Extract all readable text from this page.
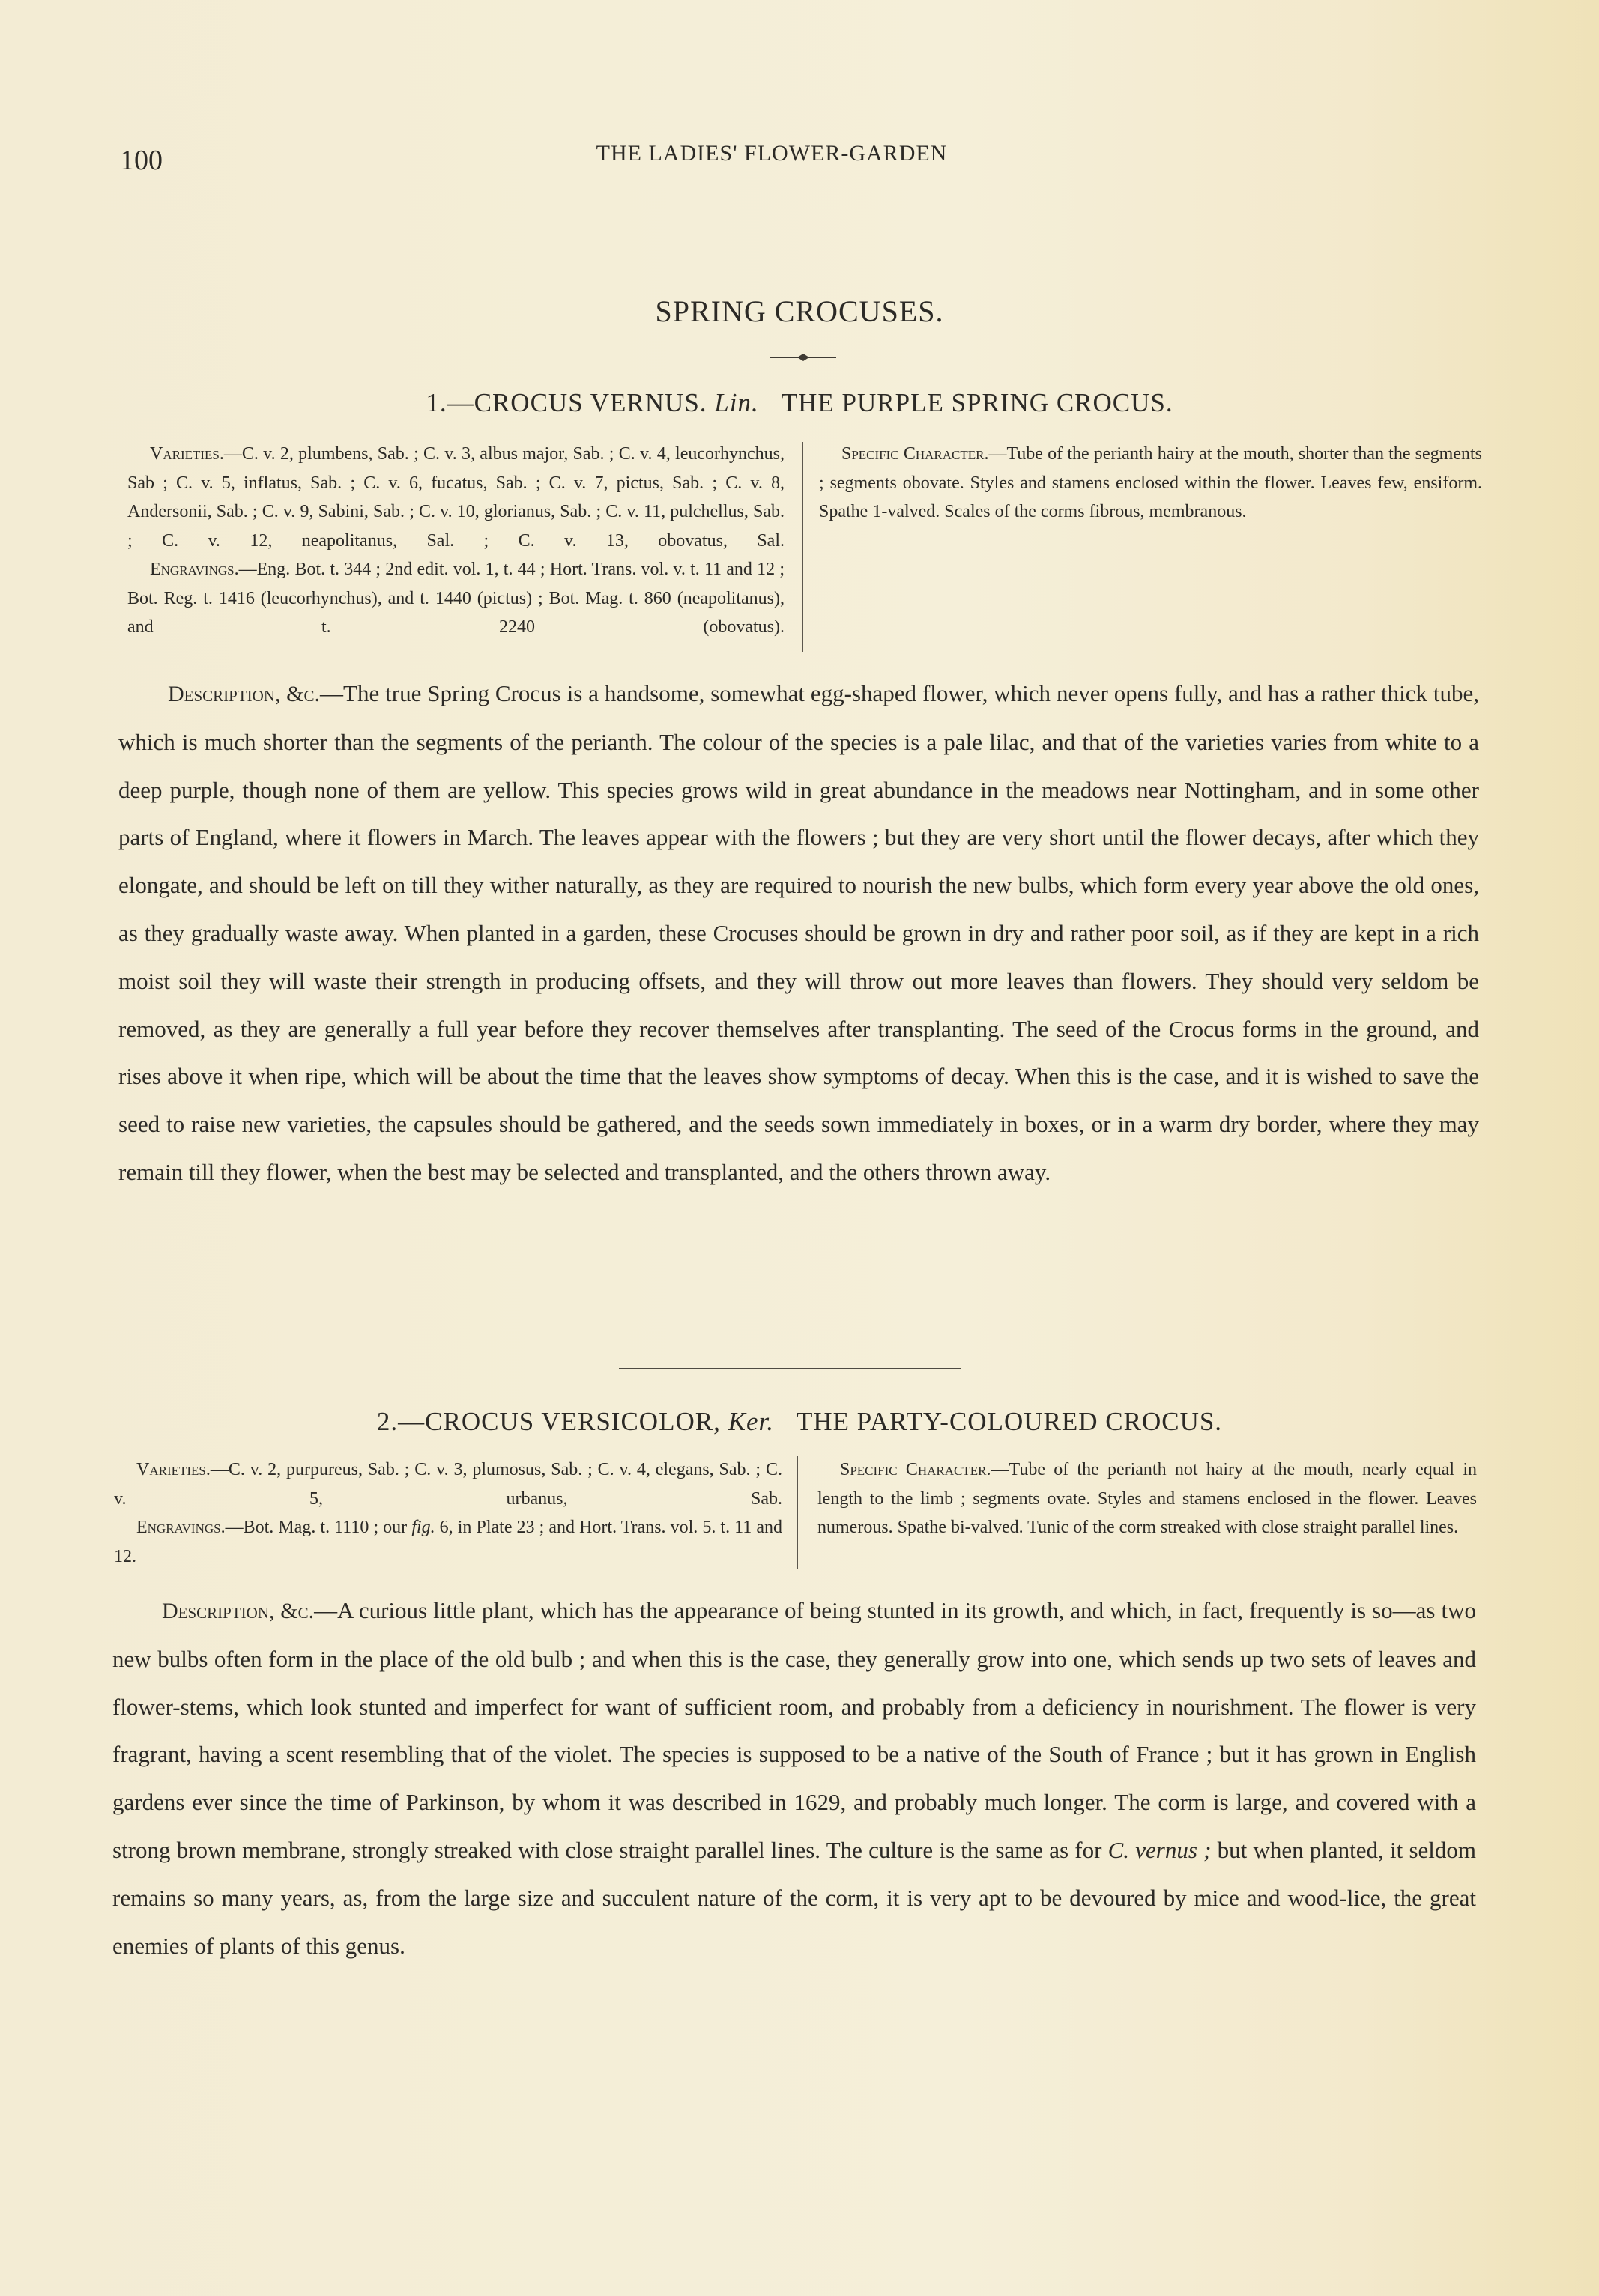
100	THE LADIES' FLOWER-GARDEN
SPRING CROCUSES.
1.—CROCUS VERNUS. Lin. THE PURPLE SPRING CROCUS.

Varieties.—C. v. 2, plumbens, Sab. ; C. v. 3, albus major, Sab. ; C. v. 4, leucorhynchus, Sab ; C. v. 5, inflatus, Sab. ; C. v. 6, fucatus, Sab. ; C. v. 7, pictus, Sab. ; C. v. 8, Andersonii, Sab. ; C. v. 9, Sabini, Sab. ; C. v. 10, glorianus, Sab. ; C. v. 11, pulchellus, Sab. ; C. v. 12, neapolitanus, Sal. ; C. v. 13, obovatus, Sal.

Engravings.—Eng. Bot. t. 344 ; 2nd edit. vol. 1, t. 44 ; Hort. Trans. vol. v. t. 11 and 12 ; Bot. Reg. t. 1416 (leucorhynchus), and t. 1440 (pictus) ; Bot. Mag. t. 860 (neapolitanus), and t. 2240 (obovatus).

Specific Character.—Tube of the perianth hairy at the mouth, shorter than the segments ; segments obovate. Styles and stamens enclosed within the flower. Leaves few, ensiform. Spathe 1-valved. Scales of the corms fibrous, membranous.

Description, &c.—The true Spring Crocus is a handsome, somewhat egg-shaped flower, which never opens fully, and has a rather thick tube, which is much shorter than the segments of the perianth. The colour of the species is a pale lilac, and that of the varieties varies from white to a deep purple, though none of them are yellow. This species grows wild in great abundance in the meadows near Nottingham, and in some other parts of England, where it flowers in March. The leaves appear with the flowers ; but they are very short until the flower decays, after which they elongate, and should be left on till they wither naturally, as they are required to nourish the new bulbs, which form every year above the old ones, as they gradually waste away. When planted in a garden, these Crocuses should be grown in dry and rather poor soil, as if they are kept in a rich moist soil they will waste their strength in producing offsets, and they will throw out more leaves than flowers. They should very seldom be removed, as they are generally a full year before they recover themselves after transplanting. The seed of the Crocus forms in the ground, and rises above it when ripe, which will be about the time that the leaves show symptoms of decay. When this is the case, and it is wished to save the seed to raise new varieties, the capsules should be gathered, and the seeds sown immediately in boxes, or in a warm dry border, where they may remain till they flower, when the best may be selected and transplanted, and the others thrown away.

2.—CROCUS VERSICOLOR, Ker. THE PARTY-COLOURED CROCUS.

Varieties.—C. v. 2, purpureus, Sab. ; C. v. 3, plumosus, Sab. ; C. v. 4, elegans, Sab. ; C. v. 5, urbanus, Sab.

Engravings.—Bot. Mag. t. 1110 ; our fig. 6, in Plate 23 ; and Hort. Trans. vol. 5. t. 11 and 12.

Specific Character.—Tube of the perianth not hairy at the mouth, nearly equal in length to the limb ; segments ovate. Styles and stamens enclosed in the flower. Leaves numerous. Spathe bi-valved. Tunic of the corm streaked with close straight parallel lines.

Description, &c.—A curious little plant, which has the appearance of being stunted in its growth, and which, in fact, frequently is so—as two new bulbs often form in the place of the old bulb ; and when this is the case, they generally grow into one, which sends up two sets of leaves and flower-stems, which look stunted and imperfect for want of sufficient room, and probably from a deficiency in nourishment. The flower is very fragrant, having a scent resembling that of the violet. The species is supposed to be a native of the South of France ; but it has grown in English gardens ever since the time of Parkinson, by whom it was described in 1629, and probably much longer. The corm is large, and covered with a strong brown membrane, strongly streaked with close straight parallel lines. The culture is the same as for C. vernus ; but when planted, it seldom remains so many years, as, from the large size and succulent nature of the corm, it is very apt to be devoured by mice and wood-lice, the great enemies of plants of this genus.
